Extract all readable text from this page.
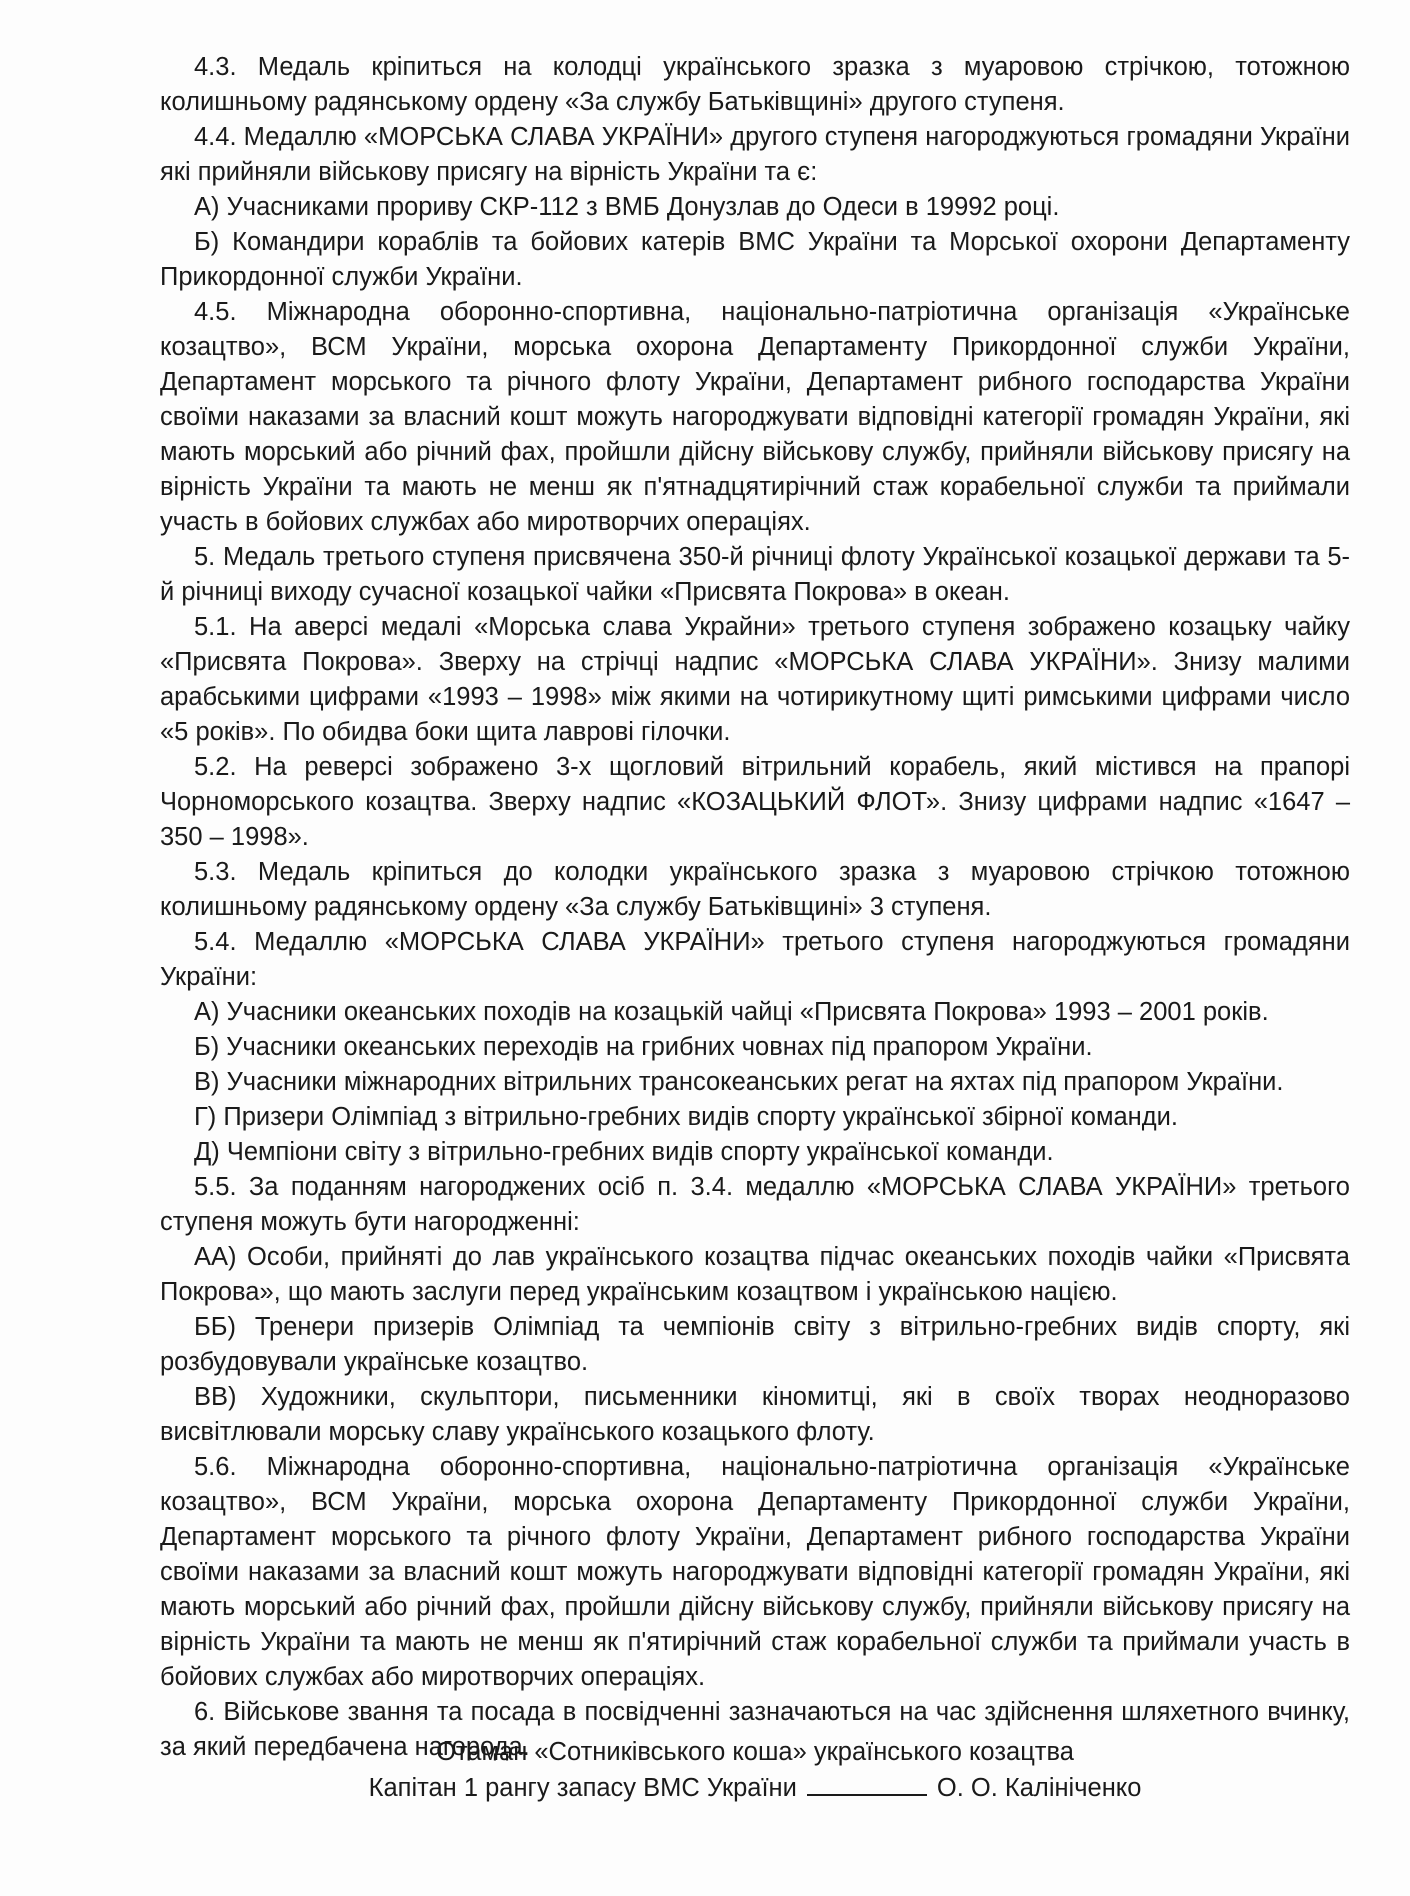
4.3. Медаль кріпиться на колодці українського зразка з муаровою стрічкою, тотожною колишньому радянському ордену «За службу Батьківщині» другого ступеня.

4.4. Медаллю «МОРСЬКА СЛАВА УКРАЇНИ» другого ступеня нагороджуються громадяни України які прийняли військову присягу на вірність України та є:

А) Учасниками прориву СКР-112 з ВМБ Донузлав до Одеси в 19992 році.

Б) Командири кораблів та бойових катерів ВМС України та Морської охорони Департаменту Прикордонної служби України.

4.5. Міжнародна оборонно-спортивна, національно-патріотична організація «Українське козацтво», ВСМ України, морська охорона Департаменту Прикордонної служби України, Департамент морського та річного флоту України, Департамент рибного господарства України своїми наказами за власний кошт можуть нагороджувати відповідні категорії громадян України, які мають морський або річний фах, пройшли дійсну військову службу, прийняли військову присягу на вірність України та мають не менш як п'ятнадцятирічний стаж корабельної служби та приймали участь в бойових службах або миротворчих операціях.

5. Медаль третього ступеня присвячена 350-й річниці флоту Української козацької держави та 5-й річниці виходу сучасної козацької чайки «Присвята Покрова» в океан.

5.1. На аверсі медалі «Морська слава Украйни» третього ступеня зображено козацьку чайку «Присвята Покрова». Зверху на стрічці надпис «МОРСЬКА СЛАВА УКРАЇНИ». Знизу малими арабськими цифрами «1993 – 1998» між якими на чотирикутному щиті римськими цифрами число «5 років». По обидва боки щита лаврові гілочки.

5.2. На реверсі зображено 3-х щогловий вітрильний корабель, який містився на прапорі Чорноморського козацтва. Зверху надпис «КОЗАЦЬКИЙ ФЛОТ». Знизу цифрами надпис «1647 – 350 – 1998».

5.3. Медаль кріпиться до колодки українського зразка з муаровою стрічкою тотожною колишньому радянському ордену «За службу Батьківщині» 3 ступеня.

5.4. Медаллю «МОРСЬКА СЛАВА УКРАЇНИ» третього ступеня нагороджуються громадяни України:

А) Учасники океанських походів на козацькій чайці «Присвята Покрова» 1993 – 2001 років.

Б) Учасники океанських переходів на грибних човнах під прапором України.

В) Учасники міжнародних вітрильних трансокеанських регат на яхтах під прапором України.

Г) Призери Олімпіад з вітрильно-гребних видів спорту української збірної команди.

Д) Чемпіони світу з вітрильно-гребних видів спорту української команди.

5.5. За поданням нагороджених осіб п. 3.4. медаллю «МОРСЬКА СЛАВА УКРАЇНИ» третього ступеня можуть бути нагородженні:

АА) Особи, прийняті до лав українського козацтва підчас океанських походів чайки «Присвята Покрова», що мають заслуги перед українським козацтвом і українською нацією.

ББ) Тренери призерів Олімпіад та чемпіонів світу з вітрильно-гребних видів спорту, які розбудовували українське козацтво.

ВВ) Художники, скульптори, письменники кіномитці, які в своїх творах неодноразово висвітлювали морську славу українського козацького флоту.

5.6. Міжнародна оборонно-спортивна, національно-патріотична організація «Українське козацтво», ВСМ України, морська охорона Департаменту Прикордонної служби України, Департамент морського та річного флоту України, Департамент рибного господарства України своїми наказами за власний кошт можуть нагороджувати відповідні категорії громадян України, які мають морський або річний фах, пройшли дійсну військову службу, прийняли військову присягу на вірність України та мають не менш як п'ятирічний стаж корабельної служби та приймали участь в бойових службах або миротворчих операціях.

6. Військове звання та посада в посвідченні зазначаються на час здійснення шляхетного вчинку, за який передбачена нагорода.

Отаман «Сотниківського коша» українського козацтва
Капітан 1 рангу запасу ВМС України	О. О. Калініченко
